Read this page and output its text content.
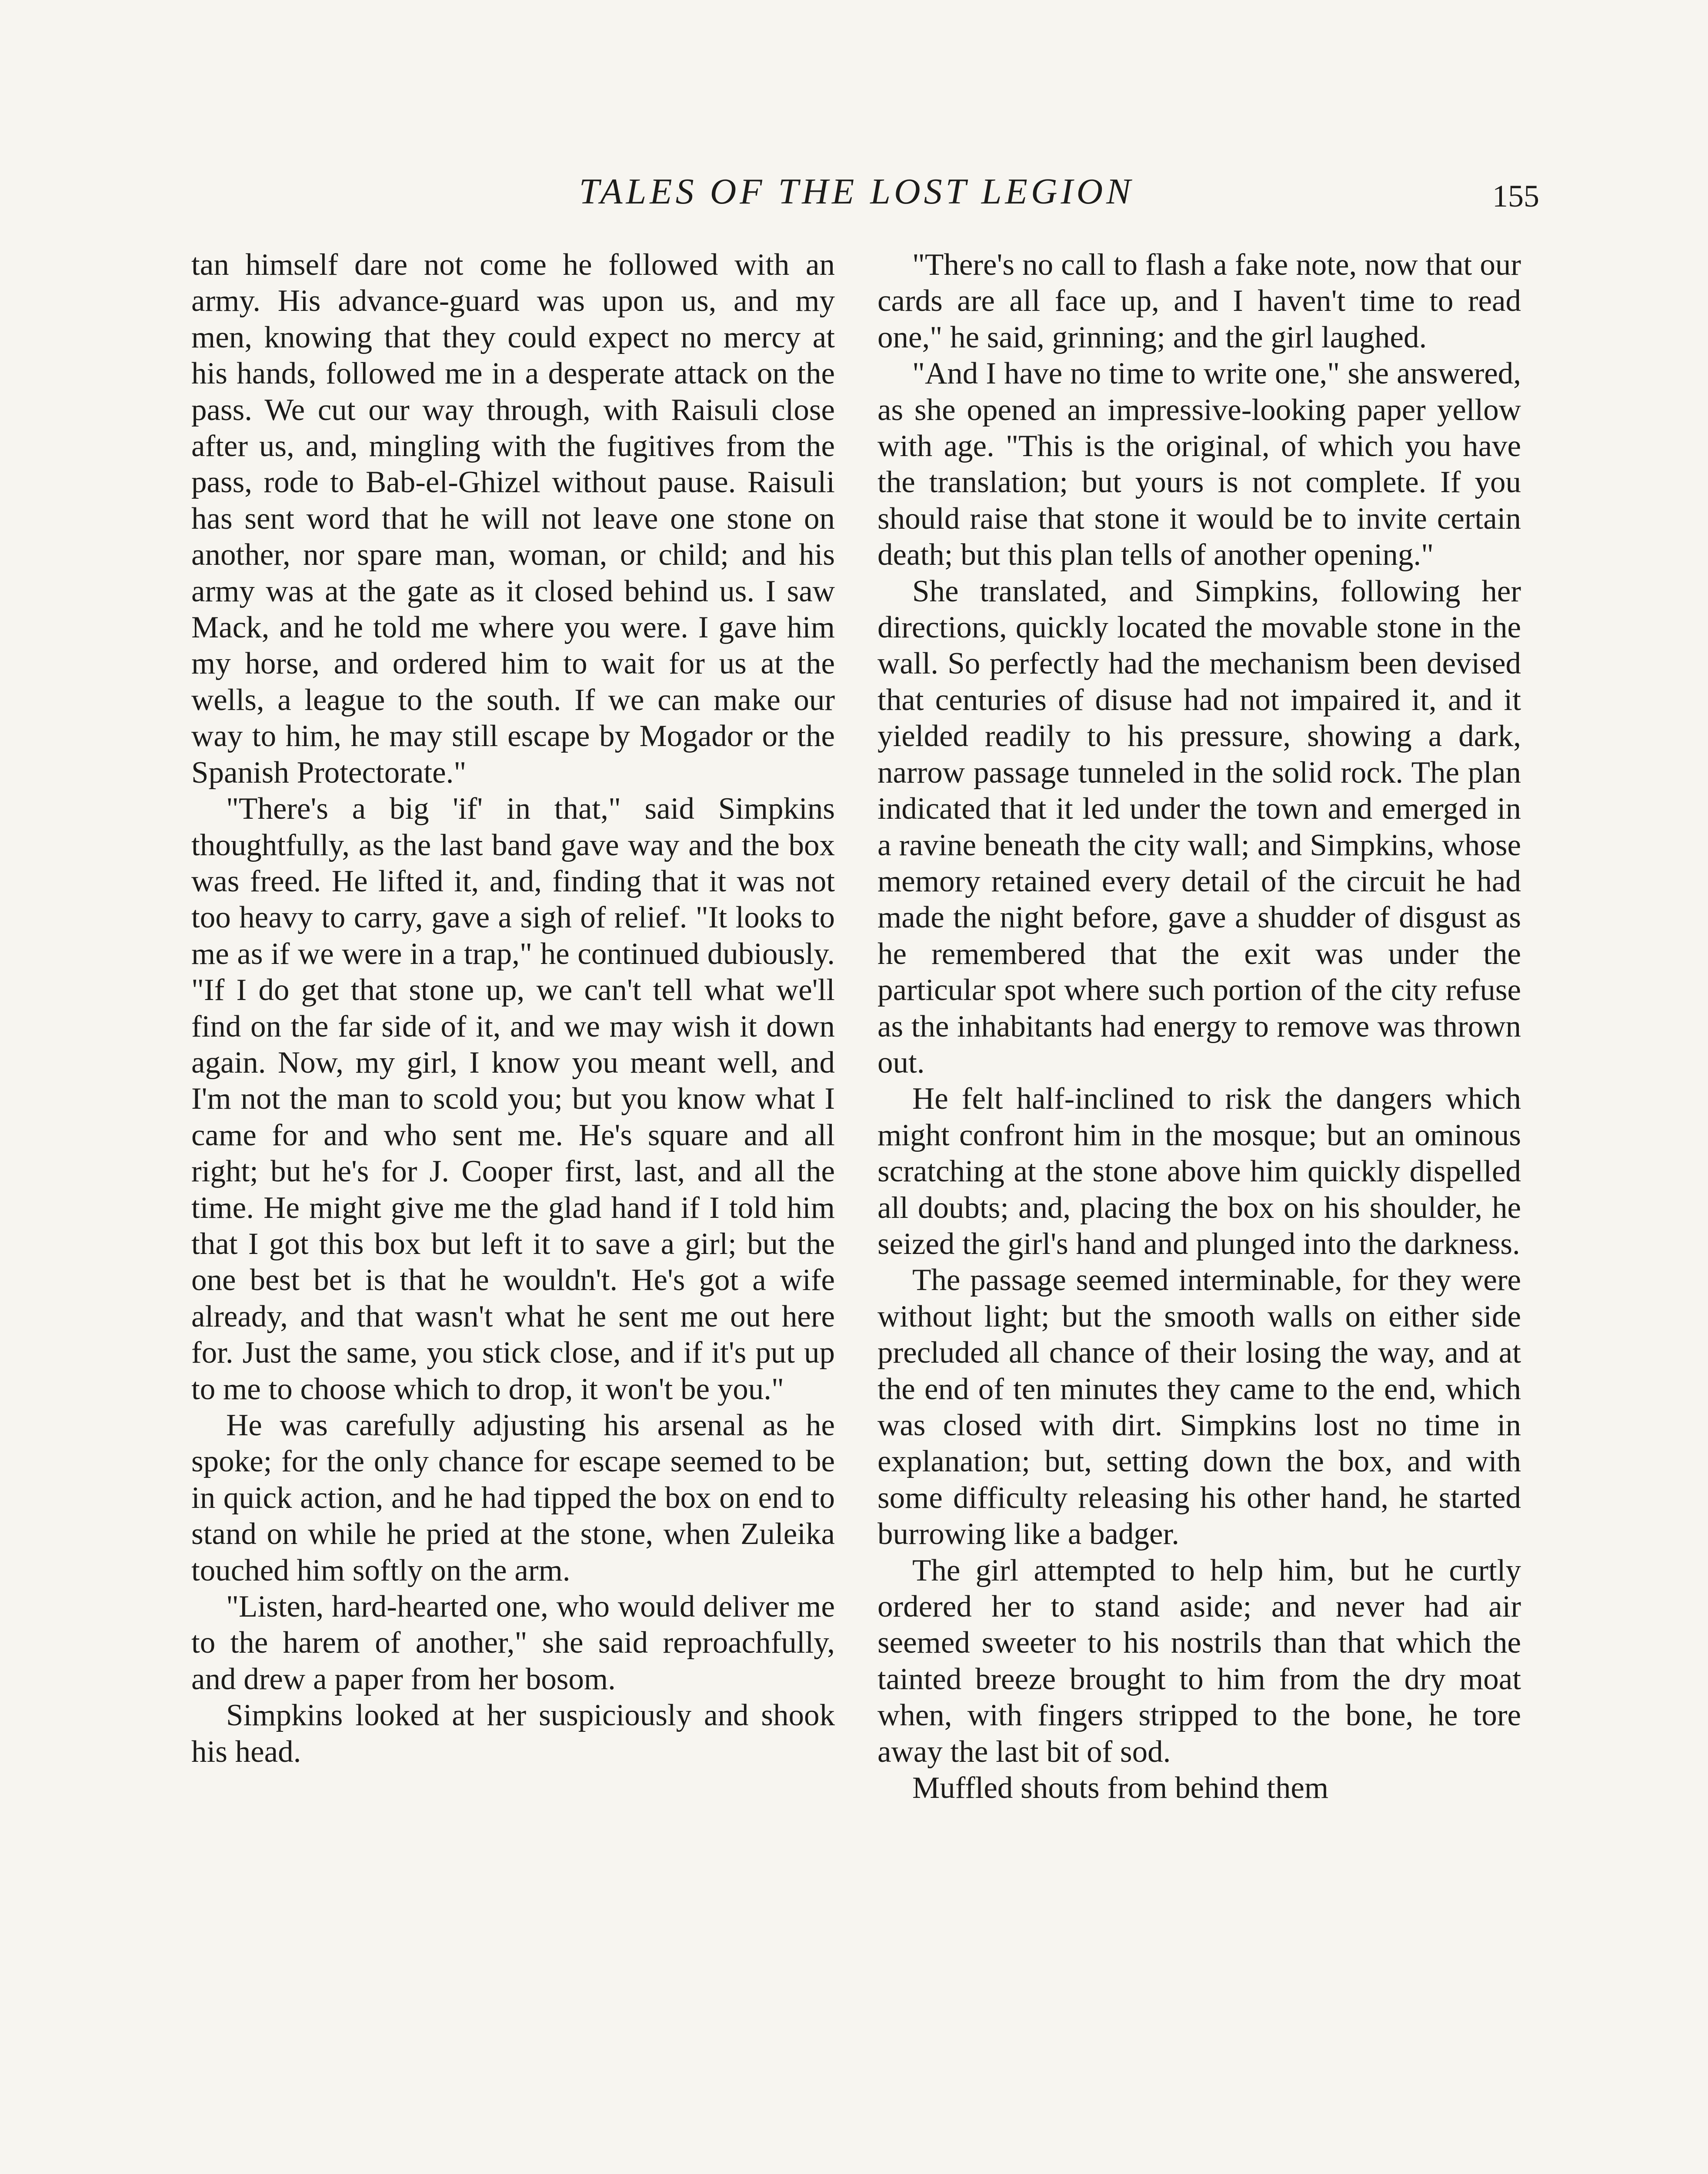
TALES OF THE LOST LEGION	155

tan himself dare not come he followed with an army. His advance-guard was upon us, and my men, knowing that they could expect no mercy at his hands, followed me in a desperate attack on the pass. We cut our way through, with Raisuli close after us, and, mingling with the fugitives from the pass, rode to Bab-el-Ghizel without pause. Raisuli has sent word that he will not leave one stone on another, nor spare man, woman, or child; and his army was at the gate as it closed behind us. I saw Mack, and he told me where you were. I gave him my horse, and ordered him to wait for us at the wells, a league to the south. If we can make our way to him, he may still escape by Mogador or the Spanish Protectorate."

"There's a big 'if' in that," said Simpkins thoughtfully, as the last band gave way and the box was freed. He lifted it, and, finding that it was not too heavy to carry, gave a sigh of relief. "It looks to me as if we were in a trap," he continued dubiously. "If I do get that stone up, we can't tell what we'll find on the far side of it, and we may wish it down again. Now, my girl, I know you meant well, and I'm not the man to scold you; but you know what I came for and who sent me. He's square and all right; but he's for J. Cooper first, last, and all the time. He might give me the glad hand if I told him that I got this box but left it to save a girl; but the one best bet is that he wouldn't. He's got a wife already, and that wasn't what he sent me out here for. Just the same, you stick close, and if it's put up to me to choose which to drop, it won't be you."

He was carefully adjusting his arsenal as he spoke; for the only chance for escape seemed to be in quick action, and he had tipped the box on end to stand on while he pried at the stone, when Zuleika touched him softly on the arm.

"Listen, hard-hearted one, who would deliver me to the harem of another," she said reproachfully, and drew a paper from her bosom.

Simpkins looked at her suspiciously and shook his head.

"There's no call to flash a fake note, now that our cards are all face up, and I haven't time to read one," he said, grinning; and the girl laughed.

"And I have no time to write one," she answered, as she opened an impressive-looking paper yellow with age. "This is the original, of which you have the translation; but yours is not complete. If you should raise that stone it would be to invite certain death; but this plan tells of another opening."

She translated, and Simpkins, following her directions, quickly located the movable stone in the wall. So perfectly had the mechanism been devised that centuries of disuse had not impaired it, and it yielded readily to his pressure, showing a dark, narrow passage tunneled in the solid rock. The plan indicated that it led under the town and emerged in a ravine beneath the city wall; and Simpkins, whose memory retained every detail of the circuit he had made the night before, gave a shudder of disgust as he remembered that the exit was under the particular spot where such portion of the city refuse as the inhabitants had energy to remove was thrown out.

He felt half-inclined to risk the dangers which might confront him in the mosque; but an ominous scratching at the stone above him quickly dispelled all doubts; and, placing the box on his shoulder, he seized the girl's hand and plunged into the darkness.

The passage seemed interminable, for they were without light; but the smooth walls on either side precluded all chance of their losing the way, and at the end of ten minutes they came to the end, which was closed with dirt. Simpkins lost no time in explanation; but, setting down the box, and with some difficulty releasing his other hand, he started burrowing like a badger.

The girl attempted to help him, but he curtly ordered her to stand aside; and never had air seemed sweeter to his nostrils than that which the tainted breeze brought to him from the dry moat when, with fingers stripped to the bone, he tore away the last bit of sod.

Muffled shouts from behind them
